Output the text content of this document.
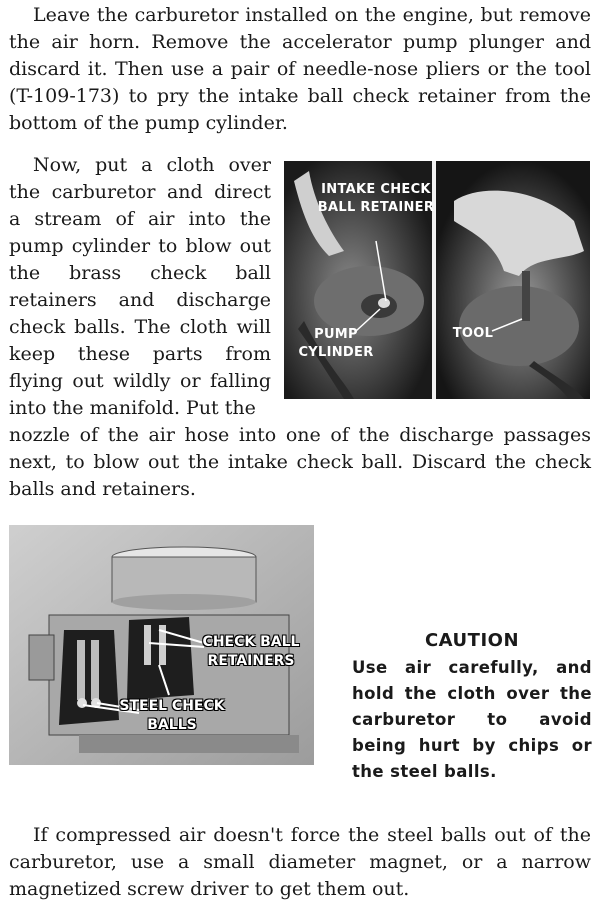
Leave the carburetor installed on the engine, but remove the air horn. Remove the accelerator pump plunger and discard it. Then use a pair of needle-nose pliers or the tool (T-109-173) to pry the intake ball check retainer from the bottom of the pump cylinder.

Now, put a cloth over the carburetor and direct a stream of air into the pump cylinder to blow out the brass check ball retainers and discharge check balls. The cloth will keep these parts from flying out wildly or falling into the manifold. Put the

INTAKE CHECK BALL RETAINER
PUMP CYLINDER
TOOL

nozzle of the air hose into one of the discharge passages next, to blow out the intake check ball. Discard the check balls and retainers.

CHECK BALL RETAINERS
STEEL CHECK BALLS

CAUTION

Use air carefully, and hold the cloth over the carburetor to avoid being hurt by chips or the steel balls.

If compressed air doesn't force the steel balls out of the carburetor, use a small diameter magnet, or a narrow magnetized screw driver to get them out.
